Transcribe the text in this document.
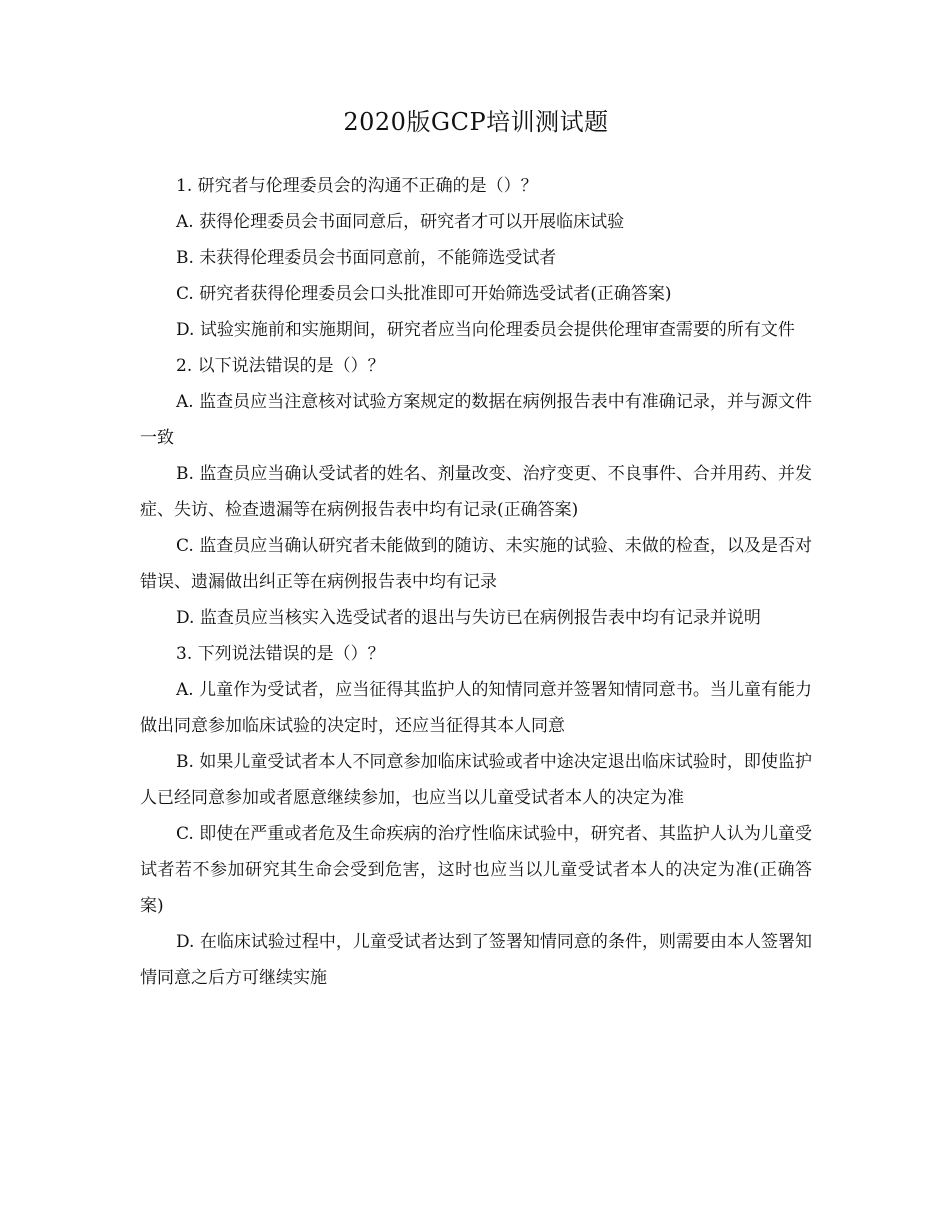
2020版GCP培训测试题

1. 研究者与伦理委员会的沟通不正确的是（）？

A. 获得伦理委员会书面同意后，研究者才可以开展临床试验

B. 未获得伦理委员会书面同意前，不能筛选受试者

C. 研究者获得伦理委员会口头批准即可开始筛选受试者(正确答案)

D. 试验实施前和实施期间，研究者应当向伦理委员会提供伦理审查需要的所有文件

2. 以下说法错误的是（）？

A. 监查员应当注意核对试验方案规定的数据在病例报告表中有准确记录，并与源文件一致

B. 监查员应当确认受试者的姓名、剂量改变、治疗变更、不良事件、合并用药、并发症、失访、检查遗漏等在病例报告表中均有记录(正确答案)

C. 监查员应当确认研究者未能做到的随访、未实施的试验、未做的检查，以及是否对错误、遗漏做出纠正等在病例报告表中均有记录

D. 监查员应当核实入选受试者的退出与失访已在病例报告表中均有记录并说明

3. 下列说法错误的是（）？

A. 儿童作为受试者，应当征得其监护人的知情同意并签署知情同意书。当儿童有能力做出同意参加临床试验的决定时，还应当征得其本人同意

B. 如果儿童受试者本人不同意参加临床试验或者中途决定退出临床试验时，即使监护人已经同意参加或者愿意继续参加，也应当以儿童受试者本人的决定为准

C. 即使在严重或者危及生命疾病的治疗性临床试验中，研究者、其监护人认为儿童受试者若不参加研究其生命会受到危害，这时也应当以儿童受试者本人的决定为准(正确答案)

D. 在临床试验过程中，儿童受试者达到了签署知情同意的条件，则需要由本人签署知情同意之后方可继续实施
